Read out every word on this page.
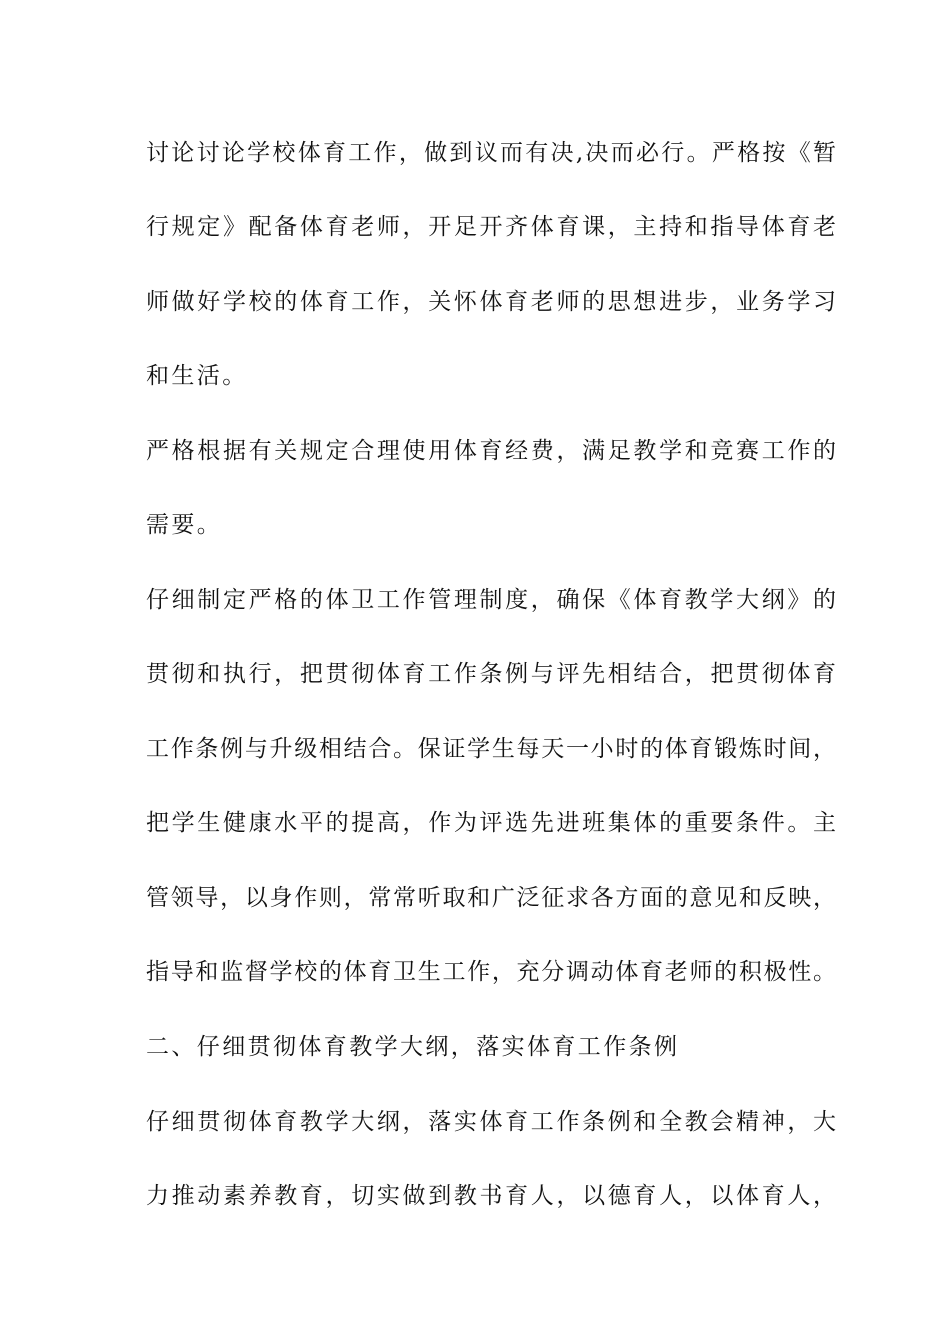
讨论讨论学校体育工作，做到议而有决,决而必行。严格按《暂
行规定》配备体育老师，开足开齐体育课，主持和指导体育老
师做好学校的体育工作，关怀体育老师的思想进步，业务学习
和生活。
严格根据有关规定合理使用体育经费，满足教学和竞赛工作的
需要。
仔细制定严格的体卫工作管理制度，确保《体育教学大纲》的
贯彻和执行，把贯彻体育工作条例与评先相结合，把贯彻体育
工作条例与升级相结合。保证学生每天一小时的体育锻炼时间，
把学生健康水平的提高，作为评选先进班集体的重要条件。主
管领导，以身作则，常常听取和广泛征求各方面的意见和反映，
指导和监督学校的体育卫生工作，充分调动体育老师的积极性。
二、仔细贯彻体育教学大纲，落实体育工作条例
仔细贯彻体育教学大纲，落实体育工作条例和全教会精神，大
力推动素养教育，切实做到教书育人，以德育人，以体育人，
